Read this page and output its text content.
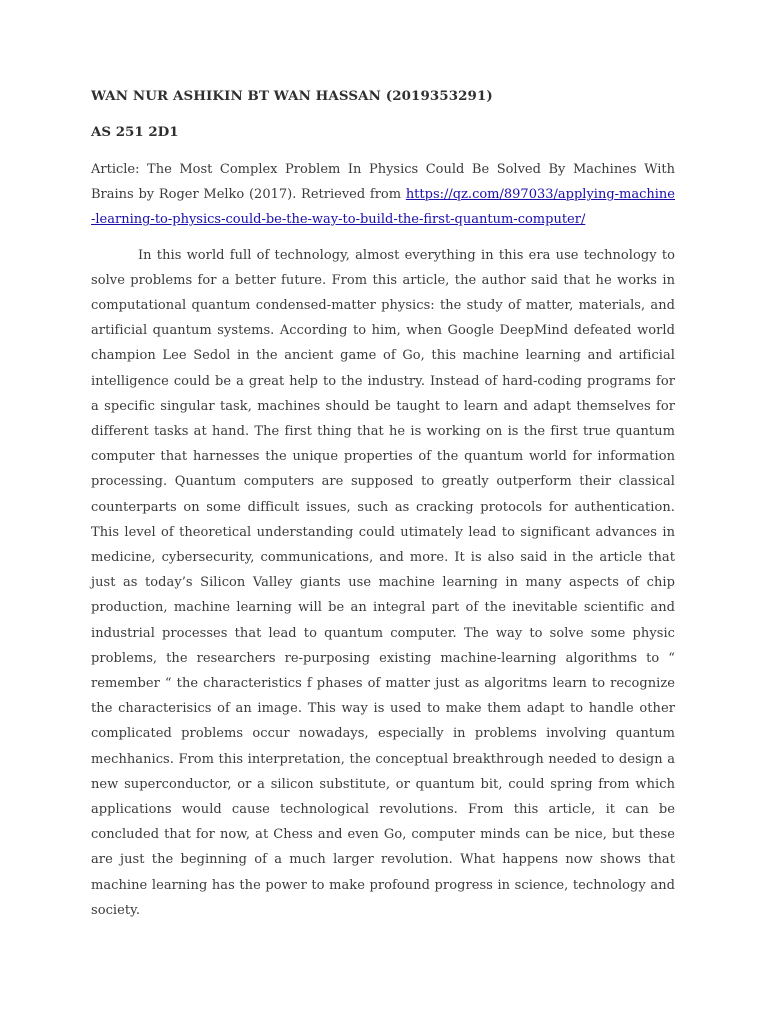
WAN NUR ASHIKIN BT WAN HASSAN (2019353291)

AS 251 2D1

Article: The Most Complex Problem In Physics Could Be Solved By Machines With Brains by Roger Melko (2017). Retrieved from https://qz.com/897033/applying-machine-learning-to-physics-could-be-the-way-to-build-the-first-quantum-computer/

In this world full of technology, almost everything in this era use technology to solve problems for a better future. From this article, the author said that he works in computational quantum condensed-matter physics: the study of matter, materials, and artificial quantum systems. According to him, when Google DeepMind defeated world champion Lee Sedol in the ancient game of Go, this machine learning and artificial intelligence could be a great help to the industry. Instead of hard-coding programs for a specific singular task, machines should be taught to learn and adapt themselves for different tasks at hand. The first thing that he is working on is the first true quantum computer that harnesses the unique properties of the quantum world for information processing. Quantum computers are supposed to greatly outperform their classical counterparts on some difficult issues, such as cracking protocols for authentication. This level of theoretical understanding could utimately lead to significant advances in medicine, cybersecurity, communications, and more. It is also said in the article that just as today’s Silicon Valley giants use machine learning in many aspects of chip production, machine learning will be an integral part of the inevitable scientific and industrial processes that lead to quantum computer. The way to solve some physic problems, the researchers re-purposing existing machine-learning algorithms to “ remember “ the characteristics f phases of matter just as algoritms learn to recognize the characterisics of an image. This way is used to make them adapt to handle other complicated problems occur nowadays, especially in problems involving quantum mechhanics. From this interpretation, the conceptual breakthrough needed to design a new superconductor, or a silicon substitute, or quantum bit, could spring from which applications would cause technological revolutions. From this article, it can be concluded that for now, at Chess and even Go, computer minds can be nice, but these are just the beginning of a much larger revolution. What happens now shows that machine learning has the power to make profound progress in science, technology and society.
